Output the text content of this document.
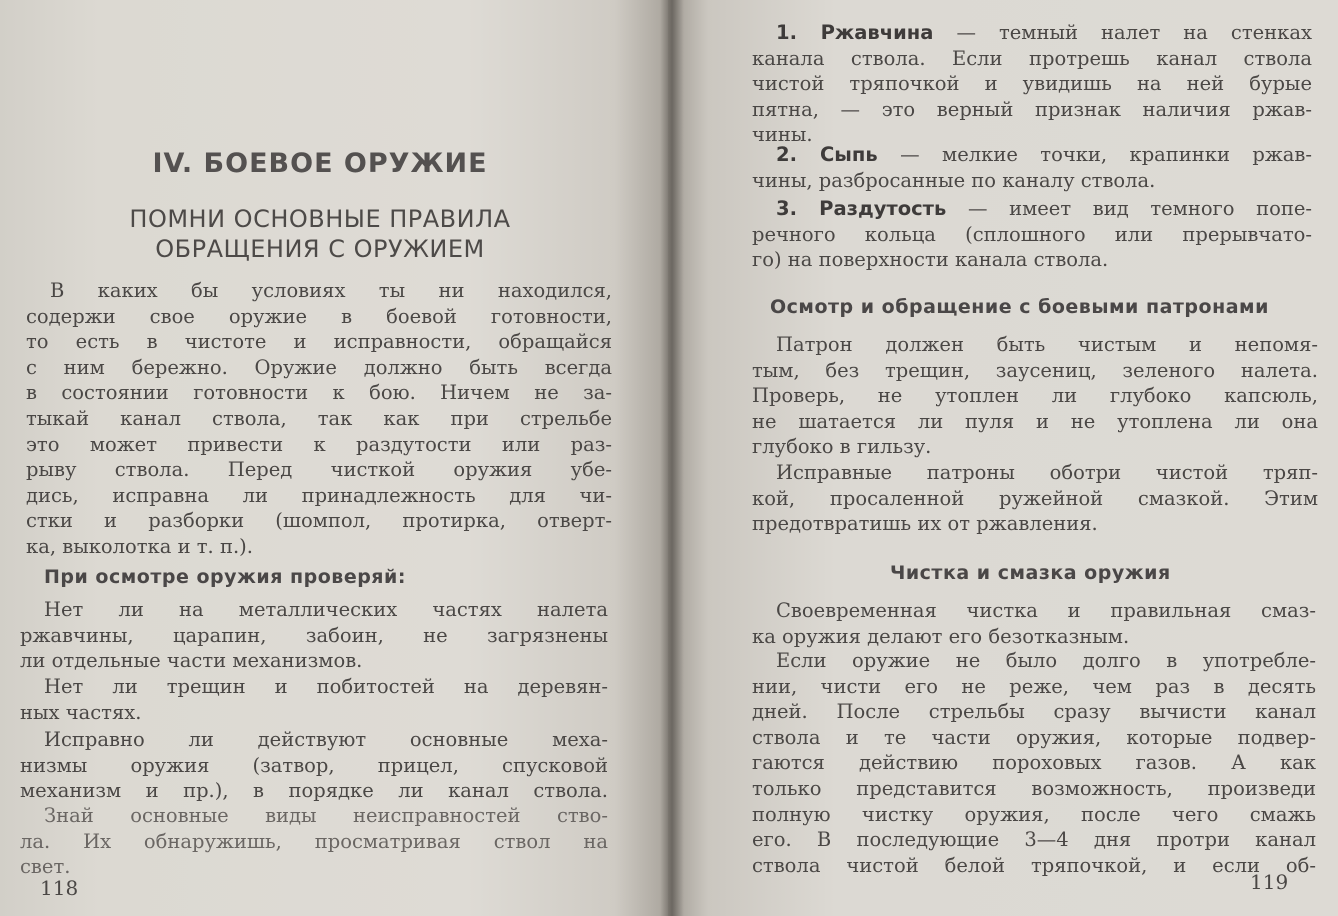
IV. БОЕВОЕ ОРУЖИЕ
ПОМНИ ОСНОВНЫЕ ПРАВИЛА
ОБРАЩЕНИЯ С ОРУЖИЕМ
В каких бы условиях ты ни находился,
содержи свое оружие в боевой готовности,
то есть в чистоте и исправности, обращайся
с ним бережно. Оружие должно быть всегда
в состоянии готовности к бою. Ничем не за-
тыкай канал ствола, так как при стрельбе
это может привести к раздутости или раз-
рыву ствола. Перед чисткой оружия убе-
дись, исправна ли принадлежность для чи-
стки и разборки (шомпол, протирка, отверт-
ка, выколотка и т. п.).
При осмотре оружия проверяй:
Нет ли на металлических частях налета
ржавчины, царапин, забоин, не загрязнены
ли отдельные части механизмов.
Нет ли трещин и побитостей на деревян-
ных частях.
Исправно ли действуют основные меха-
низмы оружия (затвор, прицел, спусковой
механизм и пр.), в порядке ли канал ствола.
Знай основные виды неисправностей ство-
ла. Их обнаружишь, просматривая ствол на
свет.
118
1. Ржавчина — темный налет на стенках
канала ствола. Если протрешь канал ствола
чистой тряпочкой и увидишь на ней бурые
пятна, — это верный признак наличия ржав-
чины.
2. Сыпь — мелкие точки, крапинки ржав-
чины, разбросанные по каналу ствола.
3. Раздутость — имеет вид темного попе-
речного кольца (сплошного или прерывчато-
го) на поверхности канала ствола.
Осмотр и обращение с боевыми патронами
Патрон должен быть чистым и непомя-
тым, без трещин, заусениц, зеленого налета.
Проверь, не утоплен ли глубоко капсюль,
не шатается ли пуля и не утоплена ли она
глубоко в гильзу.
Исправные патроны оботри чистой тряп-
кой, просаленной ружейной смазкой. Этим
предотвратишь их от ржавления.
Чистка и смазка оружия
Своевременная чистка и правильная смаз-
ка оружия делают его безотказным.
Если оружие не было долго в употребле-
нии, чисти его не реже, чем раз в десять
дней. После стрельбы сразу вычисти канал
ствола и те части оружия, которые подвер-
гаются действию пороховых газов. А как
только представится возможность, произведи
полную чистку оружия, после чего смажь
его. В последующие 3—4 дня протри канал
ствола чистой белой тряпочкой, и если об-
119
